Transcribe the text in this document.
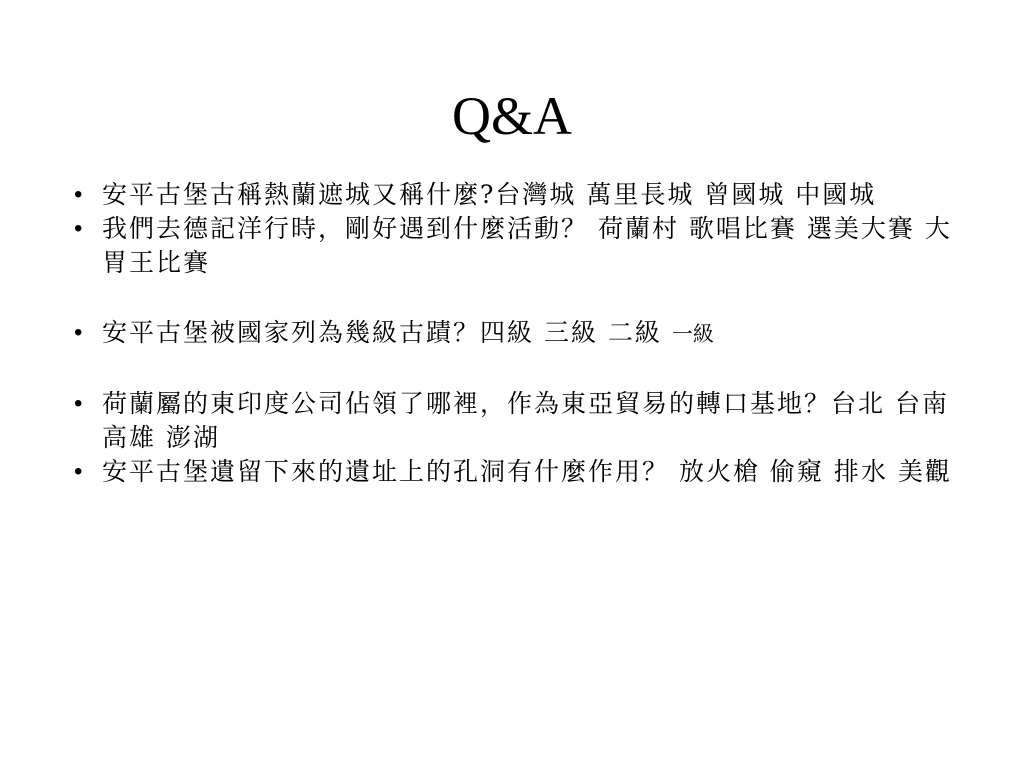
Q&A
• 安平古堡古稱熱蘭遮城又稱什麼?台灣城 萬里長城 曾國城 中國城
• 我們去德記洋行時，剛好遇到什麼活動？ 荷蘭村 歌唱比賽 選美大賽 大胃王比賽
• 安平古堡被國家列為幾級古蹟？四級 三級 二級 一級
• 荷蘭屬的東印度公司佔領了哪裡，作為東亞貿易的轉口基地？台北 台南 高雄 澎湖
• 安平古堡遺留下來的遺址上的孔洞有什麼作用？ 放火槍 偷窺 排水 美觀
